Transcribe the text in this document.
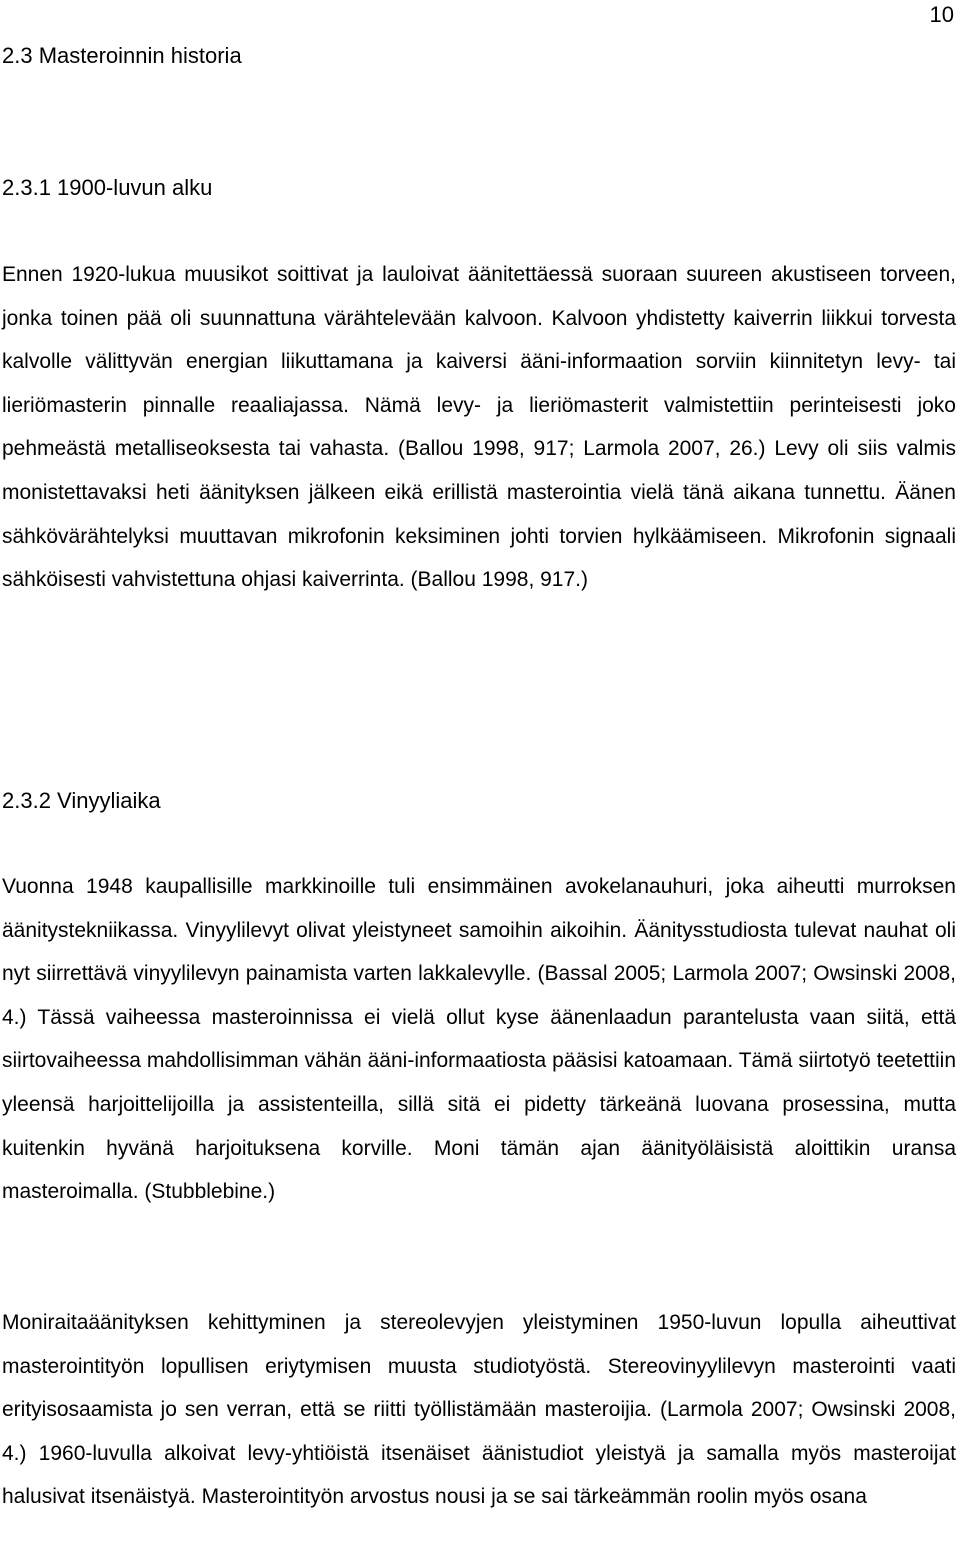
10
2.3 Masteroinnin historia
2.3.1 1900-luvun alku

Ennen 1920-lukua muusikot soittivat ja lauloivat äänitettäessä suoraan suureen akustiseen torveen, jonka toinen pää oli suunnattuna värähtelevään kalvoon. Kalvoon yhdistetty kaiverrin liikkui torvesta kalvolle välittyvän energian liikuttamana ja kaiversi ääni-informaation sorviin kiinnitetyn levy- tai lieriömasterin pinnalle reaaliajassa. Nämä levy- ja lieriömasterit valmistettiin perinteisesti joko pehmeästä metalliseoksesta tai vahasta. (Ballou 1998, 917; Larmola 2007, 26.) Levy oli siis valmis monistettavaksi heti äänityksen jälkeen eikä erillistä masterointia vielä tänä aikana tunnettu. Äänen sähkövärähtelyksi muuttavan mikrofonin keksiminen johti torvien hylkäämiseen. Mikrofonin signaali sähköisesti vahvistettuna ohjasi kaiverrinta. (Ballou 1998, 917.)

2.3.2 Vinyyliaika

Vuonna 1948 kaupallisille markkinoille tuli ensimmäinen avokelanauhuri, joka aiheutti murroksen äänitystekniikassa. Vinyylilevyt olivat yleistyneet samoihin aikoihin. Äänitysstudiosta tulevat nauhat oli nyt siirrettävä vinyylilevyn painamista varten lakkalevylle. (Bassal 2005; Larmola 2007; Owsinski 2008, 4.) Tässä vaiheessa masteroinnissa ei vielä ollut kyse äänenlaadun parantelusta vaan siitä, että siirtovaiheessa mahdollisimman vähän ääni-informaatiosta pääsisi katoamaan. Tämä siirtotyö teetettiin yleensä harjoittelijoilla ja assistenteilla, sillä sitä ei pidetty tärkeänä luovana prosessina, mutta kuitenkin hyvänä harjoituksena korville. Moni tämän ajan äänityöläisistä aloittikin uransa masteroimalla. (Stubblebine.)

Moniraitaäänityksen kehittyminen ja stereolevyjen yleistyminen 1950-luvun lopulla aiheuttivat masterointityön lopullisen eriytymisen muusta studiotyöstä. Stereovinyylilevyn masterointi vaati erityisosaamista jo sen verran, että se riitti työllistämään masteroijia. (Larmola 2007; Owsinski 2008, 4.) 1960-luvulla alkoivat levy-yhtiöistä itsenäiset äänistudiot yleistyä ja samalla myös masteroijat halusivat itsenäistyä. Masterointityön arvostus nousi ja se sai tärkeämmän roolin myös osana
